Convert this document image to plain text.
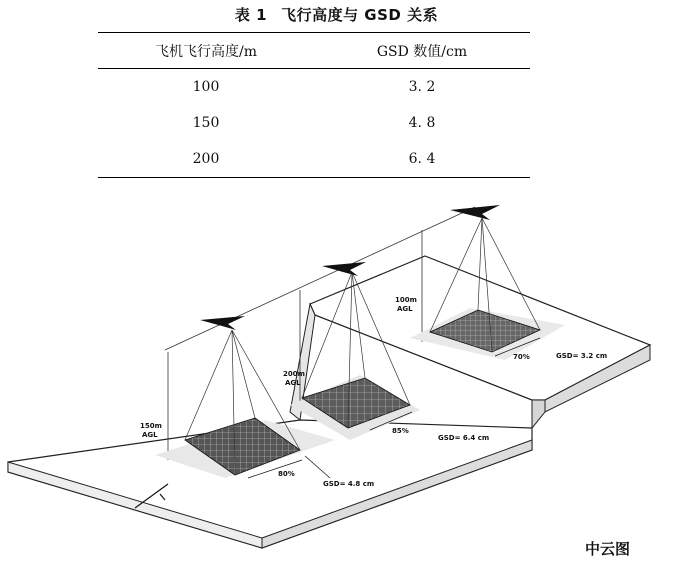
表 1 飞行高度与 GSD 关系
飞机飞行高度/m	GSD 数值/cm
100	3. 2
150	4. 8
200	6. 4
150m
AGL
80%
GSD= 4.8 cm
200m
AGL
85%
GSD= 6.4 cm
100m
AGL
70%	GSD= 3.2 cm
中云图
